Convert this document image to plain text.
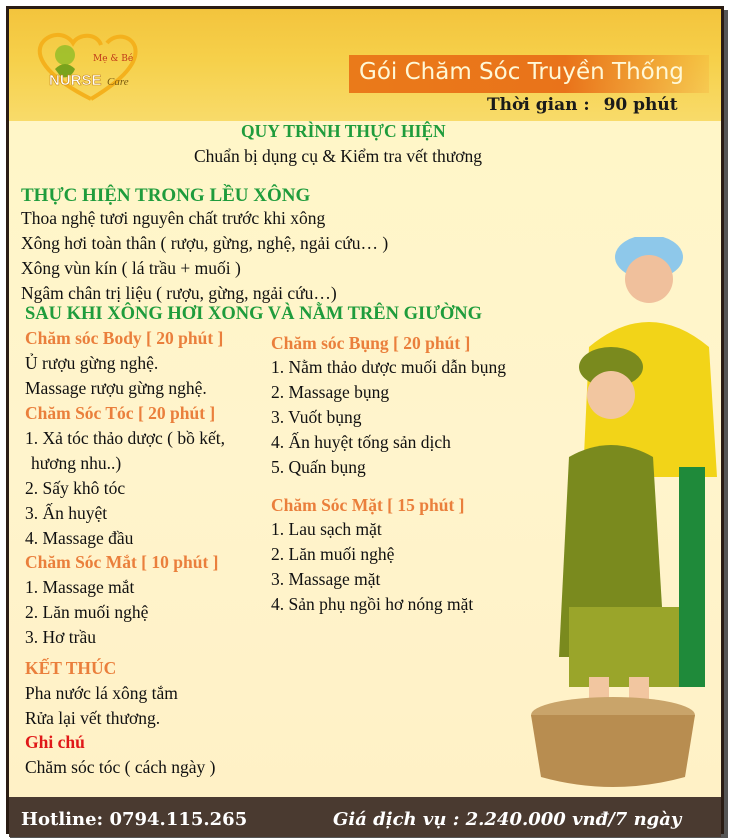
Mẹ & Bé
NURSE Care	Gói Chăm Sóc Truyền Thống
Thời gian : 90 phút
QUY TRÌNH THỰC HIỆN
Chuẩn bị dụng cụ & Kiểm tra vết thương
THỰC HIỆN TRONG LỀU XÔNG
Thoa nghệ tươi nguyên chất trước khi xông
Xông hơi toàn thân ( rượu, gừng, nghệ, ngải cứu… )
Xông vùn kín ( lá trầu + muối )
Ngâm chân trị liệu ( rượu, gừng, ngải cứu…)
SAU KHI XÔNG HƠI XONG VÀ NẰM TRÊN GIƯỜNG
Chăm sóc Body [ 20 phút ]
Ủ rượu gừng nghệ.
Massage rượu gừng nghệ.
Chăm Sóc Tóc [ 20 phút ]
1. Xả tóc thảo dược ( bồ kết,
hương nhu..)
2. Sấy khô tóc
3. Ấn huyệt
4. Massage đầu
Chăm Sóc Mắt [ 10 phút ]
1. Massage mắt
2. Lăn muối nghệ
3. Hơ trầu
KẾT THÚC
Pha nước lá xông tắm
Rửa lại vết thương.
Ghi chú
Chăm sóc tóc ( cách ngày )
Chăm sóc Bụng [ 20 phút ]
1. Nằm thảo dược muối dẫn bụng
2. Massage bụng
3. Vuốt bụng
4. Ấn huyệt tống sản dịch
5. Quấn bụng
Chăm Sóc Mặt [ 15 phút ]
1. Lau sạch mặt
2. Lăn muối nghệ
3. Massage mặt
4. Sản phụ ngồi hơ nóng mặt
Hotline: 0794.115.265	Giá dịch vụ : 2.240.000 vnđ/7 ngày
